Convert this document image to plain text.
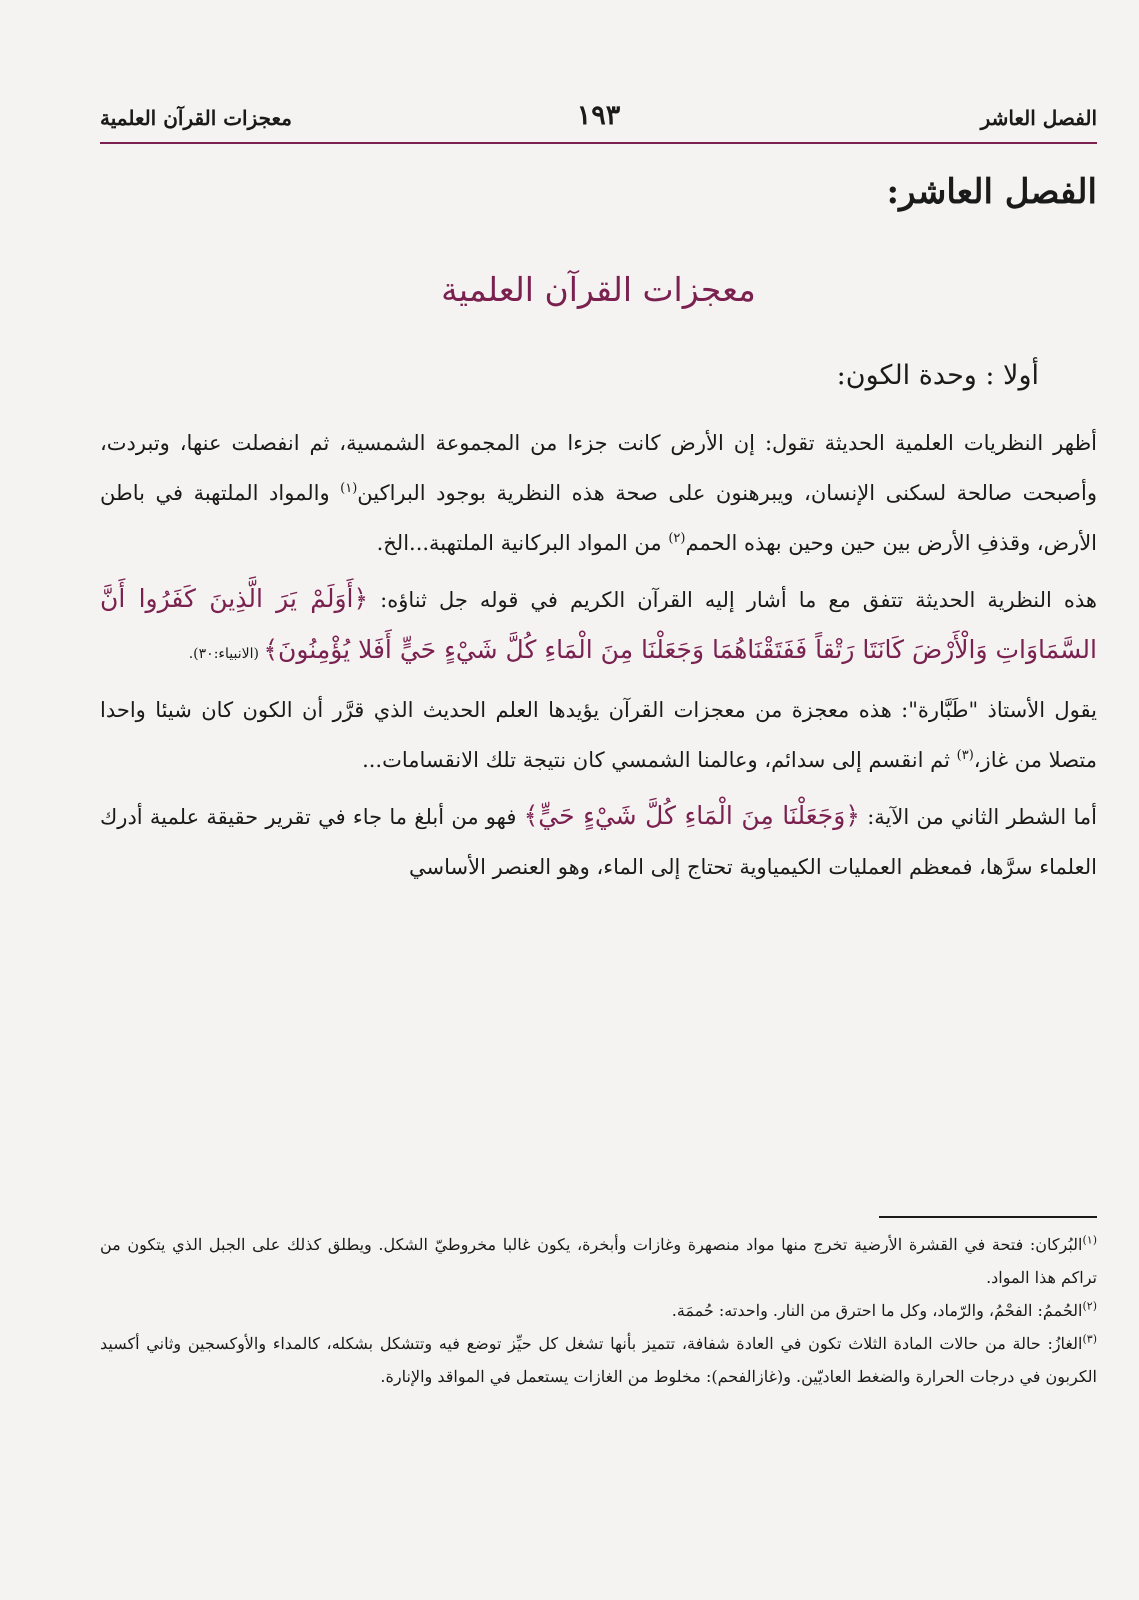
الفصل العاشر
١٩٣
معجزات القرآن العلمية
الفصل العاشر:
معجزات القرآن العلمية
أولا : وحدة الكون:

أظهر النظريات العلمية الحديثة تقول: إن الأرض كانت جزءا من المجموعة الشمسية، ثم انفصلت عنها، وتبردت، وأصبحت صالحة لسكنى الإنسان، ويبرهنون على صحة هذه النظرية بوجود البراكين$^{(١)}$ والمواد الملتهبة في باطن الأرض، وقذفِ الأرض بين حين وحين بهذه الحمم$^{(٢)}$ من المواد البركانية الملتهبة...الخ.

هذه النظرية الحديثة تتفق مع ما أشار إليه القرآن الكريم في قوله جل ثناؤه: ﴿أَوَلَمْ يَرَ الَّذِينَ كَفَرُوا أَنَّ السَّمَاوَاتِ وَالْأَرْضَ كَانَتَا رَتْقاً فَفَتَقْنَاهُمَا وَجَعَلْنَا مِنَ الْمَاءِ كُلَّ شَيْءٍ حَيٍّ أَفَلا يُؤْمِنُونَ﴾ (الانبياء:٣٠).

يقول الأستاذ "طَبَّارة": هذه معجزة من معجزات القرآن يؤيدها العلم الحديث الذي قرَّر أن الكون كان شيئا واحدا متصلا من غاز،$^{(٣)}$ ثم انقسم إلى سدائم، وعالمنا الشمسي كان نتيجة تلك الانقسامات...

أما الشطر الثاني من الآية: ﴿وَجَعَلْنَا مِنَ الْمَاءِ كُلَّ شَيْءٍ حَيٍّ﴾ فهو من أبلغ ما جاء في تقرير حقيقة علمية أدرك العلماء سرَّها، فمعظم العمليات الكيمياوية تحتاج إلى الماء، وهو العنصر الأساسي

$^{(١)}$البُركان: فتحة في القشرة الأرضية تخرج منها مواد منصهرة وغازات وأبخرة، يكون غالبا مخروطيّ الشكل. ويطلق كذلك على الجبل الذي يتكون من تراكم هذا المواد.

$^{(٢)}$الحُممُ: الفحْمُ، والرّماد، وكل ما احترق من النار. واحدته: حُممَة.

$^{(٣)}$الغازُ: حالة من حالات المادة الثلاث تكون في العادة شفافة، تتميز بأنها تشغل كل حيِّز توضع فيه وتتشكل بشكله، كالمداء والأوكسجين وثاني أكسيد الكربون في درجات الحرارة والضغط العاديّين. و(غازالفحم): مخلوط من الغازات يستعمل في المواقد والإنارة.
